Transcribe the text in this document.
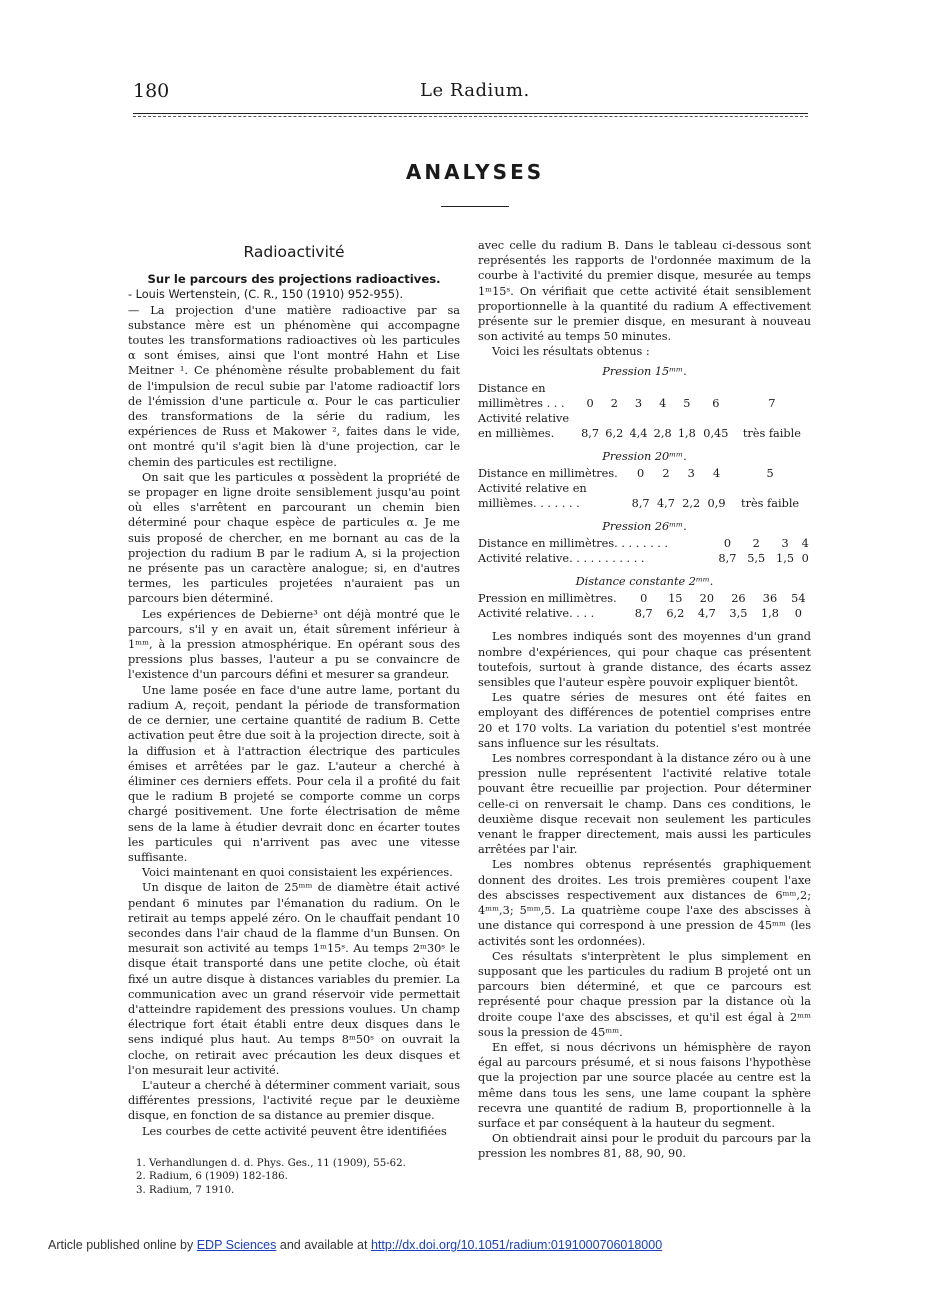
180	Le Radium.
ANALYSES
Radioactivité

Sur le parcours des projections radioactives.
- Louis Wertenstein, (C. R., 150 (1910) 952-955).

— La projection d'une matière radioactive par sa substance mère est un phénomène qui accompagne toutes les transformations radioactives où les particules α sont émises, ainsi que l'ont montré Hahn et Lise Meitner ¹. Ce phénomène résulte probablement du fait de l'impulsion de recul subie par l'atome radioactif lors de l'émission d'une particule α. Pour le cas particulier des transformations de la série du radium, les expériences de Russ et Makower ², faites dans le vide, ont montré qu'il s'agit bien là d'une projection, car le chemin des particules est rectiligne.

On sait que les particules α possèdent la propriété de se propager en ligne droite sensiblement jusqu'au point où elles s'arrêtent en parcourant un chemin bien déterminé pour chaque espèce de particules α. Je me suis proposé de chercher, en me bornant au cas de la projection du radium B par le radium A, si la projection ne présente pas un caractère analogue; si, en d'autres termes, les particules projetées n'auraient pas un parcours bien déterminé.

Les expériences de Debierne³ ont déjà montré que le parcours, s'il y en avait un, était sûrement inférieur à 1ᵐᵐ, à la pression atmosphérique. En opérant sous des pressions plus basses, l'auteur a pu se convaincre de l'existence d'un parcours défini et mesurer sa grandeur.

Une lame posée en face d'une autre lame, portant du radium A, reçoit, pendant la période de transformation de ce dernier, une certaine quantité de radium B. Cette activation peut être due soit à la projection directe, soit à la diffusion et à l'attraction électrique des particules émises et arrêtées par le gaz. L'auteur a cherché à éliminer ces derniers effets. Pour cela il a profité du fait que le radium B projeté se comporte comme un corps chargé positivement. Une forte électrisation de même sens de la lame à étudier devrait donc en écarter toutes les particules qui n'arrivent pas avec une vitesse suffisante.

Voici maintenant en quoi consistaient les expériences.

Un disque de laiton de 25ᵐᵐ de diamètre était activé pendant 6 minutes par l'émanation du radium. On le retirait au temps appelé zéro. On le chauffait pendant 10 secondes dans l'air chaud de la flamme d'un Bunsen. On mesurait son activité au temps 1ᵐ15ˢ. Au temps 2ᵐ30ˢ le disque était transporté dans une petite cloche, où était fixé un autre disque à distances variables du premier. La communication avec un grand réservoir vide permettait d'atteindre rapidement des pressions voulues. Un champ électrique fort était établi entre deux disques dans le sens indiqué plus haut. Au temps 8ᵐ50ˢ on ouvrait la cloche, on retirait avec précaution les deux disques et l'on mesurait leur activité.

L'auteur a cherché à déterminer comment variait, sous différentes pressions, l'activité reçue par le deuxième disque, en fonction de sa distance au premier disque.

Les courbes de cette activité peuvent être identifiées

1. Verhandlungen d. d. Phys. Ges., 11 (1909), 55-62.
2. Radium, 6 (1909) 182-186.
3. Radium, 7 1910.

avec celle du radium B. Dans le tableau ci-dessous sont représentés les rapports de l'ordonnée maximum de la courbe à l'activité du premier disque, mesurée au temps 1ᵐ15ˢ. On vérifiait que cette activité était sensiblement proportionnelle à la quantité du radium A effectivement présente sur le premier disque, en mesurant à nouveau son activité au temps 50 minutes.

Voici les résultats obtenus :

Pression 15ᵐᵐ.
Distance en millimètres . . .	0	2	3	4	5	6	7
Activité relative en millièmes.	8,7	6,2	4,4	2,8	1,8	0,45	très faible
Pression 20ᵐᵐ.
Distance en millimètres.	0	2	3	4		5
Activité relative en millièmes. . . . . . .	8,7	4,7	2,2	0,9		très faible
Pression 26ᵐᵐ.
Distance en millimètres. . . . . . . .	0	2	3	4
Activité relative. . . . . . . . . . .	8,7	5,5	1,5	0
Distance constante 2ᵐᵐ.
Pression en millimètres.	0	15	20	26	36	54
Activité relative. . . .	8,7	6,2	4,7	3,5	1,8	0

Les nombres indiqués sont des moyennes d'un grand nombre d'expériences, qui pour chaque cas présentent toutefois, surtout à grande distance, des écarts assez sensibles que l'auteur espère pouvoir expliquer bientôt.

Les quatre séries de mesures ont été faites en employant des différences de potentiel comprises entre 20 et 170 volts. La variation du potentiel s'est montrée sans influence sur les résultats.

Les nombres correspondant à la distance zéro ou à une pression nulle représentent l'activité relative totale pouvant être recueillie par projection. Pour déterminer celle-ci on renversait le champ. Dans ces conditions, le deuxième disque recevait non seulement les particules venant le frapper directement, mais aussi les particules arrêtées par l'air.

Les nombres obtenus représentés graphiquement donnent des droites. Les trois premières coupent l'axe des abscisses respectivement aux distances de 6ᵐᵐ,2; 4ᵐᵐ,3; 5ᵐᵐ,5. La quatrième coupe l'axe des abscisses à une distance qui correspond à une pression de 45ᵐᵐ (les activités sont les ordonnées).

Ces résultats s'interprètent le plus simplement en supposant que les particules du radium B projeté ont un parcours bien déterminé, et que ce parcours est représenté pour chaque pression par la distance où la droite coupe l'axe des abscisses, et qu'il est égal à 2ᵐᵐ sous la pression de 45ᵐᵐ.

En effet, si nous décrivons un hémisphère de rayon égal au parcours présumé, et si nous faisons l'hypothèse que la projection par une source placée au centre est la même dans tous les sens, une lame coupant la sphère recevra une quantité de radium B, proportionnelle à la surface et par conséquent à la hauteur du segment.

On obtiendrait ainsi pour le produit du parcours par la pression les nombres 81, 88, 90, 90.

Article published online by EDP Sciences and available at http://dx.doi.org/10.1051/radium:0191000706018000
